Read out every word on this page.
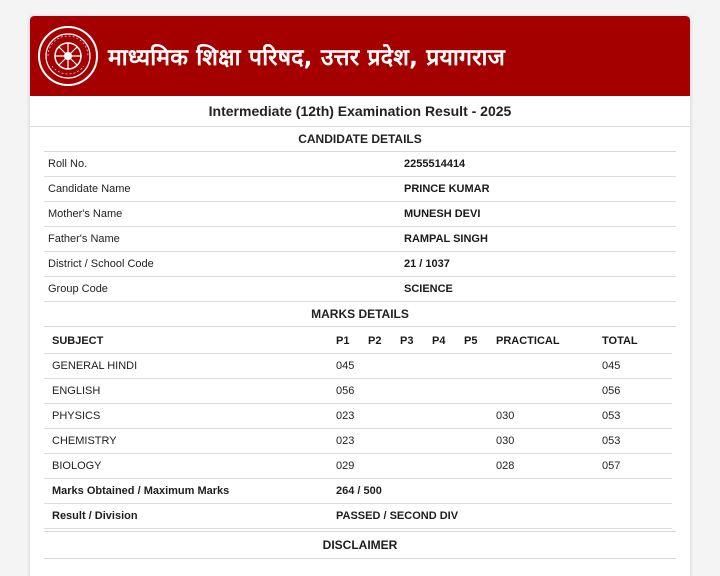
माध्यमिक शिक्षा परिषद, उत्तर प्रदेश, प्रयागराज
Intermediate (12th) Examination Result - 2025
CANDIDATE DETAILS
Roll No.	2255514414
Candidate Name	PRINCE KUMAR
Mother's Name	MUNESH DEVI
Father's Name	RAMPAL SINGH
District / School Code	21 / 1037
Group Code	SCIENCE
MARKS DETAILS
SUBJECT	P1	P2	P3	P4	P5	PRACTICAL	TOTAL
GENERAL HINDI	045						045
ENGLISH	056						056
PHYSICS	023					030	053
CHEMISTRY	023					030	053
BIOLOGY	029					028	057
Marks Obtained / Maximum Marks	264 / 500						
Result / Division	PASSED / SECOND DIV						
DISCLAIMER
